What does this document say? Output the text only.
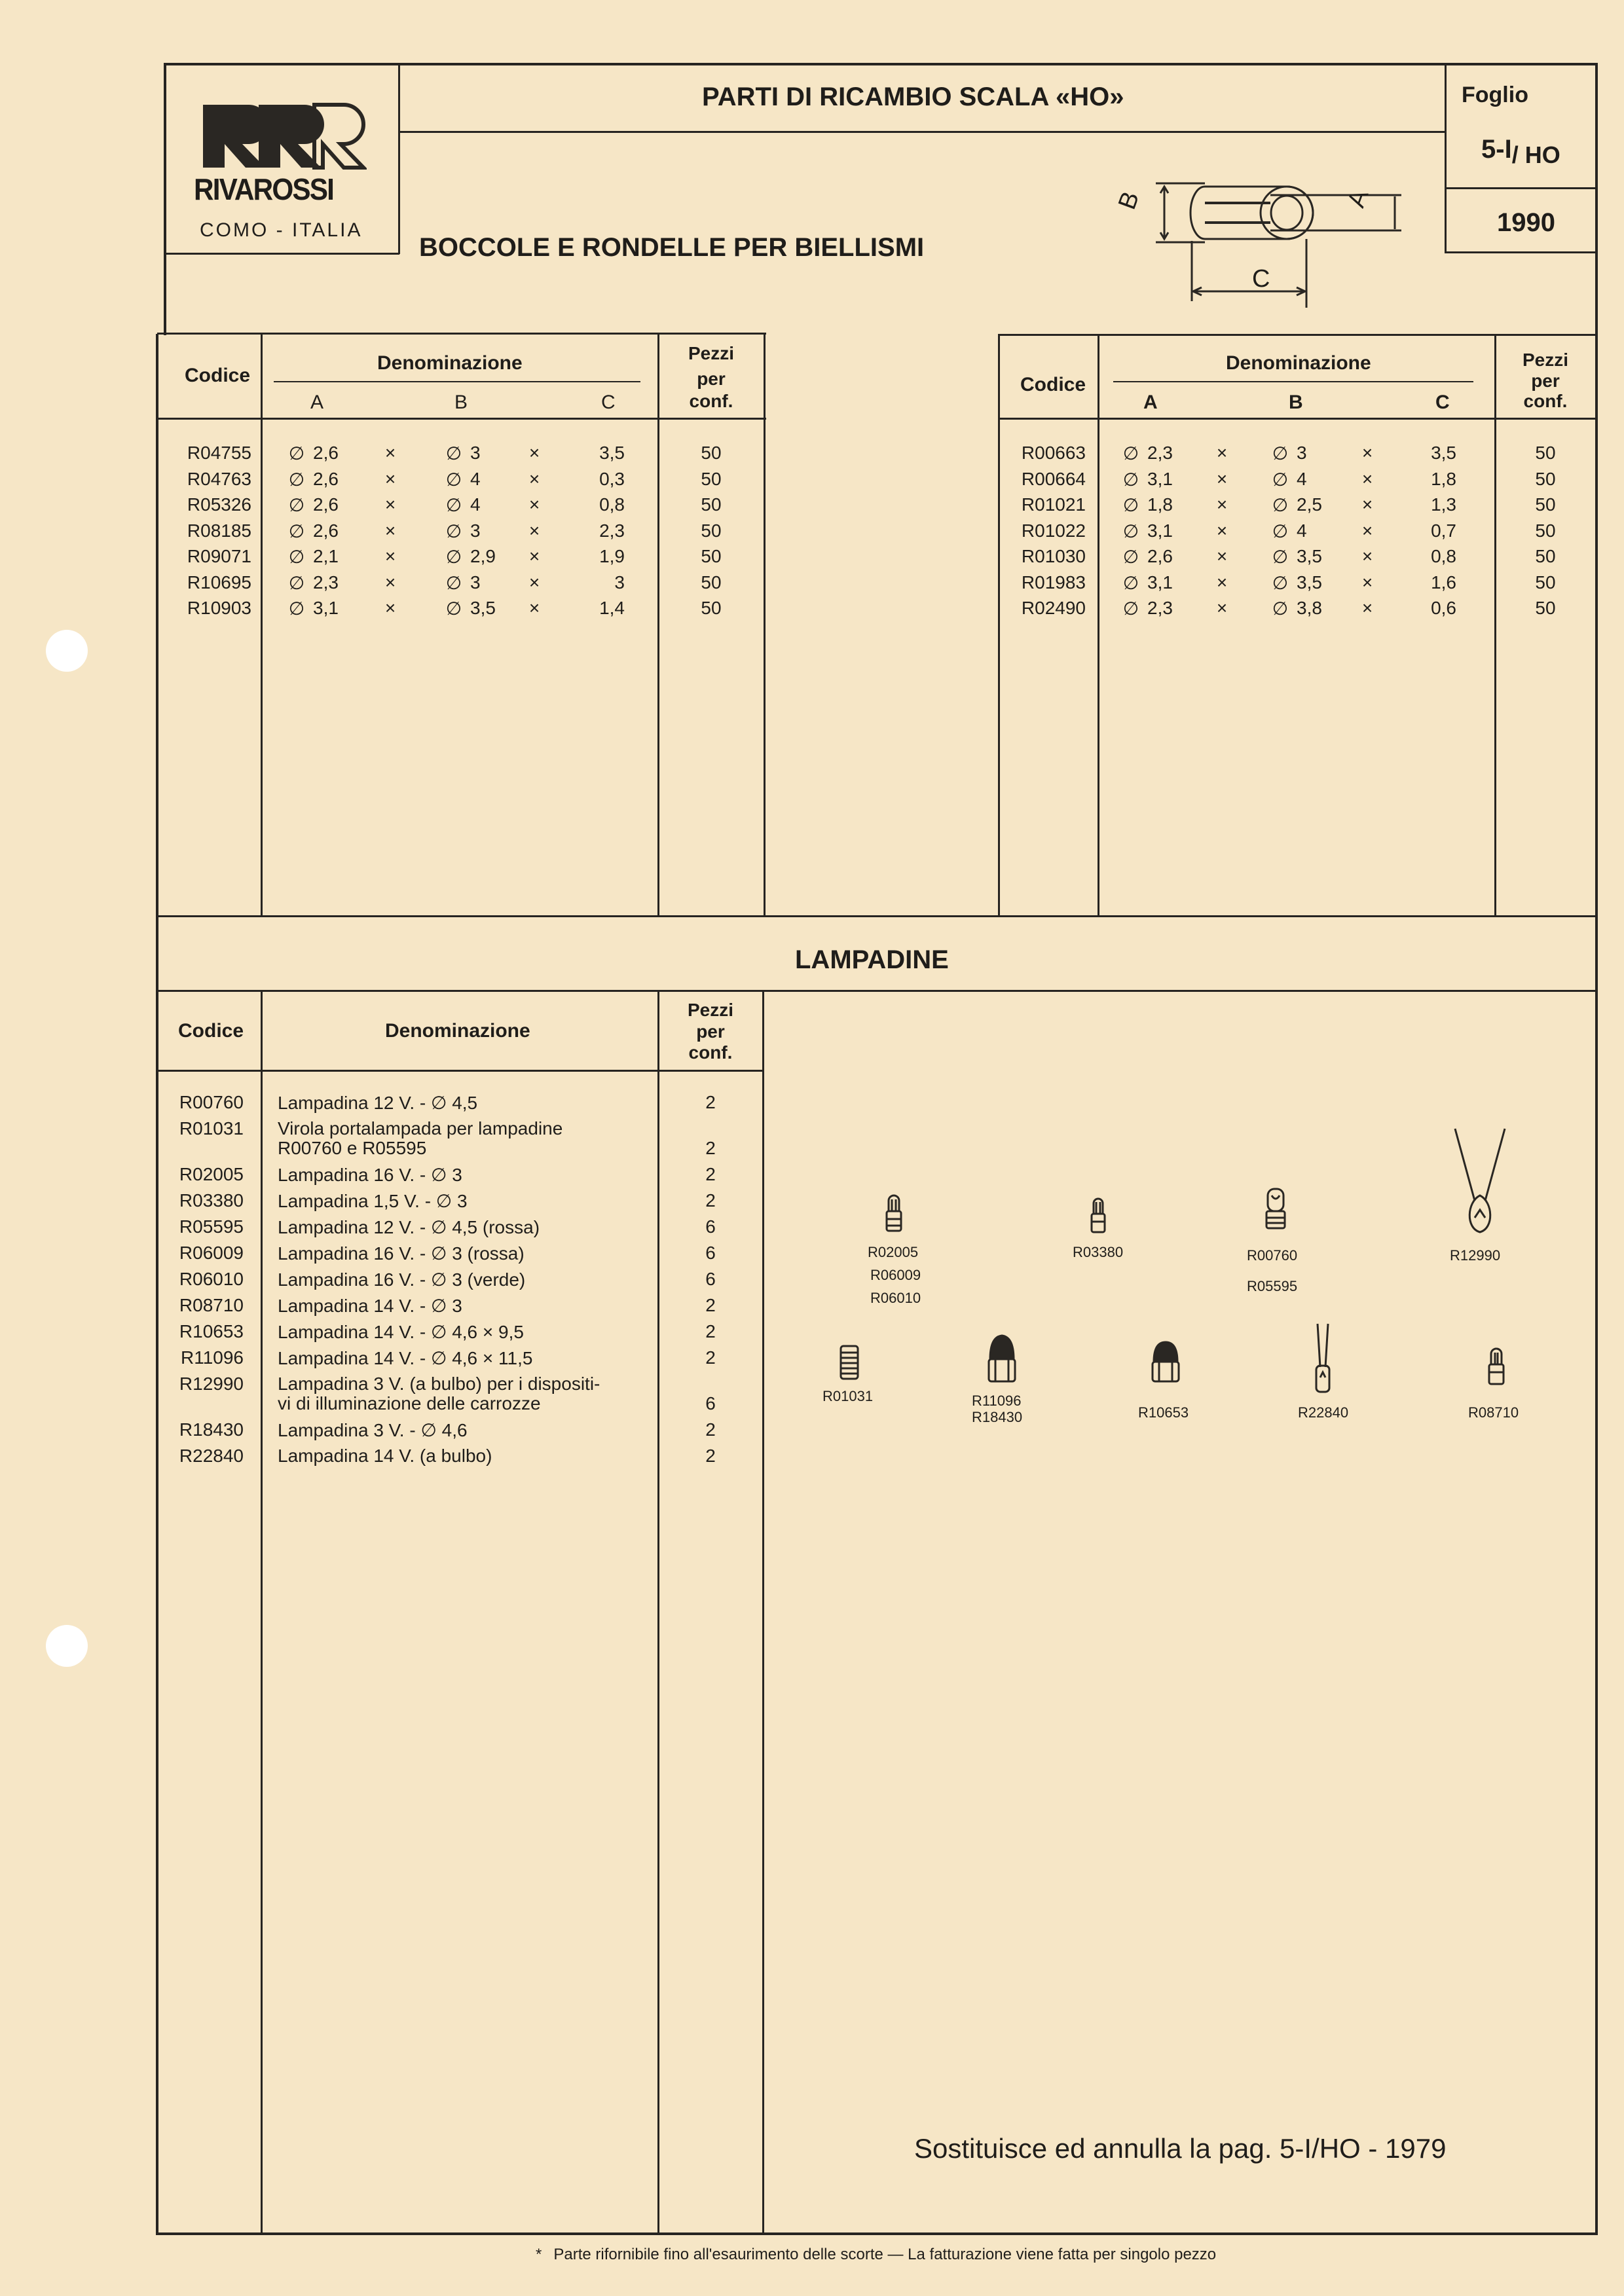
RIVAROSSI
COMO - ITALIA
PARTI DI RICAMBIO SCALA «HO»
BOCCOLE E RONDELLE PER BIELLISMI
Foglio
5-I/ HO
1990
B	A
C
Codice
Denominazione
A	B	C
Pezzi
per
conf.
R04755 ∅ 2,6	×	∅ 3	×	3,5	50
R04763 ∅ 2,6	×	∅ 4	×	0,3	50
R05326 ∅ 2,6	×	∅ 4	×	0,8	50
R08185 ∅ 2,6	×	∅ 3	×	2,3	50
R09071 ∅ 2,1	×	∅ 2,9	×	1,9	50
R10695 ∅ 2,3	×	∅ 3	×	3	50
R10903 ∅ 3,1	×	∅ 3,5	×	1,4	50
Codice
Denominazione
A	B	C
Pezzi
per
conf.
R00663 ∅ 2,3	×	∅ 3	×	3,5	50
R00664 ∅ 3,1	×	∅ 4	×	1,8	50
R01021 ∅ 1,8	×	∅ 2,5	×	1,3	50
R01022 ∅ 3,1	×	∅ 4	×	0,7	50
R01030 ∅ 2,6	×	∅ 3,5	×	0,8	50
R01983 ∅ 3,1	×	∅ 3,5	×	1,6	50
R02490 ∅ 2,3	×	∅ 3,8	×	0,6	50
LAMPADINE
Codice	Denominazione
Pezzi
per
conf.
R00760 Lampadina 12 V. - ∅ 4,5	2
R01031 Virola portalampada per lampadine
R00760 e R05595	2
R02005 Lampadina 16 V. - ∅ 3	2
R03380 Lampadina 1,5 V. - ∅ 3	2
R05595 Lampadina 12 V. - ∅ 4,5 (rossa)	6
R06009 Lampadina 16 V. - ∅ 3 (rossa)	6
R06010 Lampadina 16 V. - ∅ 3 (verde)	6
R08710 Lampadina 14 V. - ∅ 3	2
R10653 Lampadina 14 V. - ∅ 4,6 × 9,5	2
R11096 Lampadina 14 V. - ∅ 4,6 × 11,5	2
R12990 Lampadina 3 V. (a bulbo) per i dispositi-
vi di illuminazione delle carrozze	6
R18430 Lampadina 3 V. - ∅ 4,6	2
R22840 Lampadina 14 V. (a bulbo)	2
R02005
R06009
R06010
R03380	R00760
R05595
R12990
R01031	R11096
R18430	R10653	R22840	R08710
Sostituisce ed annulla la pag. 5-I/HO - 1979
* Parte rifornibile fino all'esaurimento delle scorte — La fatturazione viene fatta per singolo pezzo
